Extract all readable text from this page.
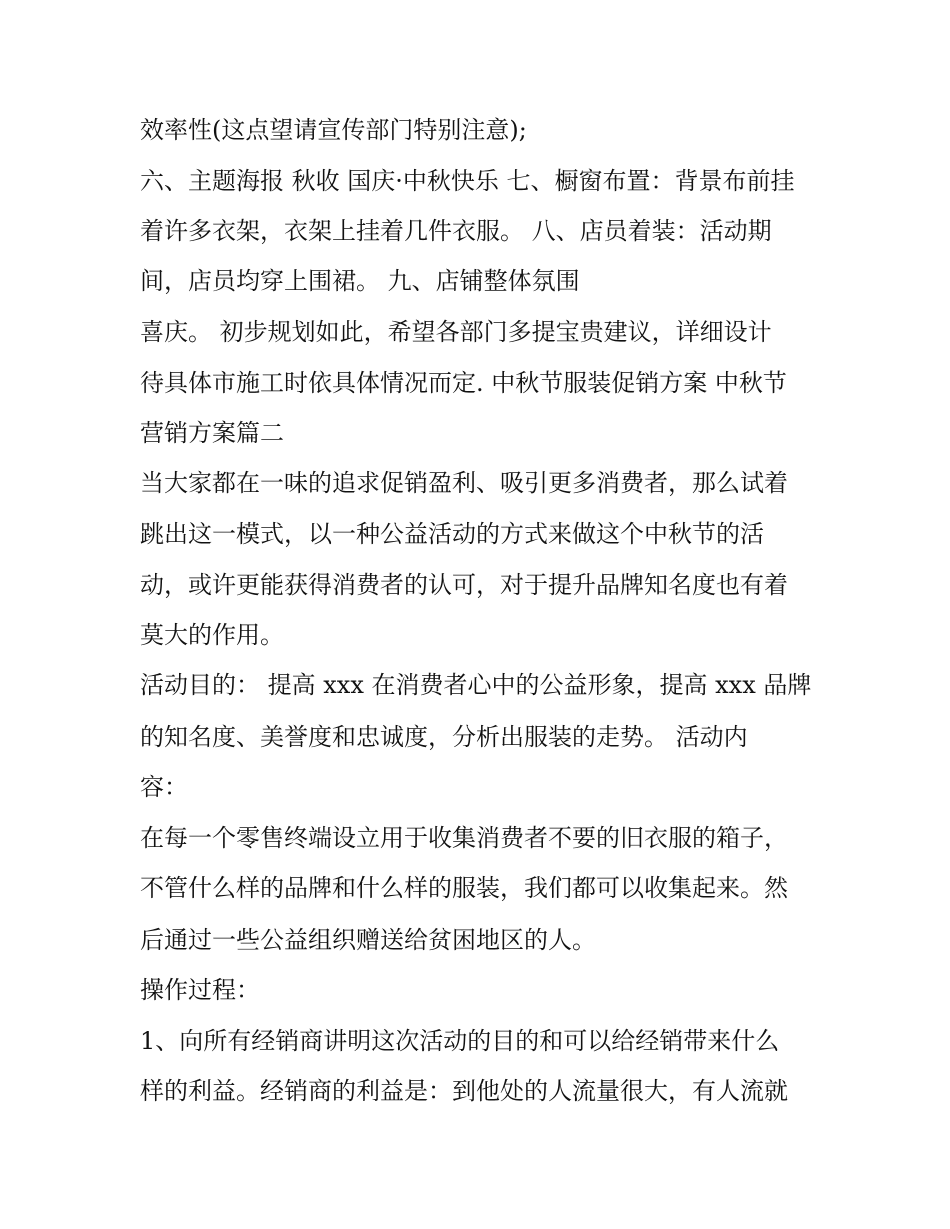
效率性(这点望请宣传部门特别注意);
六、主题海报 秋收 国庆·中秋快乐 七、橱窗布置：背景布前挂
着许多衣架，衣架上挂着几件衣服。 八、店员着装：活动期
间，店员均穿上围裙。 九、店铺整体氛围
喜庆。 初步规划如此，希望各部门多提宝贵建议，详细设计
待具体市施工时依具体情况而定. 中秋节服装促销方案 中秋节
营销方案篇二
当大家都在一味的追求促销盈利、吸引更多消费者，那么试着
跳出这一模式，以一种公益活动的方式来做这个中秋节的活
动，或许更能获得消费者的认可，对于提升品牌知名度也有着
莫大的作用。
活动目的： 提高 xxx 在消费者心中的公益形象，提高 xxx 品牌
的知名度、美誉度和忠诚度，分析出服装的走势。 活动内
容：
在每一个零售终端设立用于收集消费者不要的旧衣服的箱子，
不管什么样的品牌和什么样的服装，我们都可以收集起来。然
后通过一些公益组织赠送给贫困地区的人。
操作过程：
1、向所有经销商讲明这次活动的目的和可以给经销带来什么
样的利益。经销商的利益是：到他处的人流量很大，有人流就
